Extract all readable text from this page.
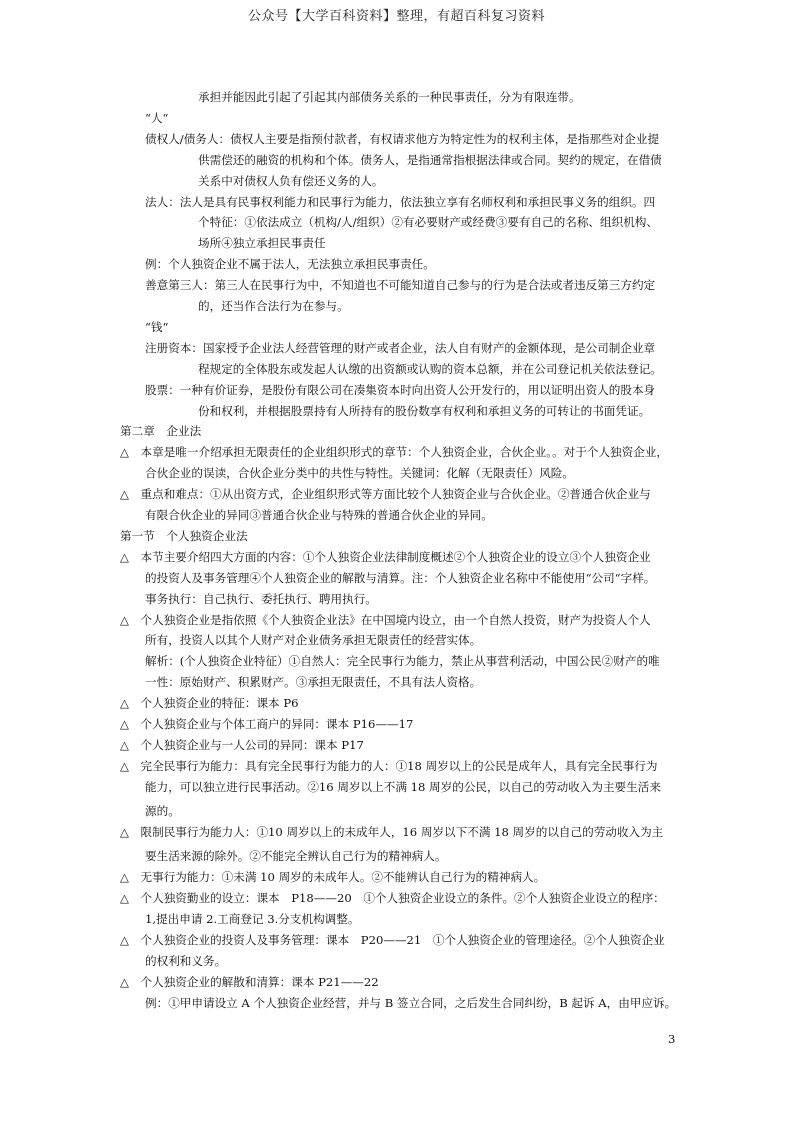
公众号【大学百科资料】整理，有超百科复习资料
承担并能因此引起了引起其内部债务关系的一种民事责任，分为有限连带。
“人“
债权人/债务人：债权人主要是指预付款者，有权请求他方为特定性为的权利主体，是指那些对企业提
供需偿还的融资的机构和个体。债务人，是指通常指根据法律或合同。契约的规定，在借债
关系中对债权人负有偿还义务的人。
法人：法人是具有民事权利能力和民事行为能力，依法独立享有名师权利和承担民事义务的组织。四
个特征：①依法成立（机构/人/组织）②有必要财产或经费③要有自己的名称、组织机构、
场所④独立承担民事责任
例：个人独资企业不属于法人，无法独立承担民事责任。
善意第三人：第三人在民事行为中，不知道也不可能知道自己参与的行为是合法或者违反第三方约定
的，还当作合法行为在参与。
“钱“
注册资本：国家授予企业法人经营管理的财产或者企业，法人自有财产的金额体现，是公司制企业章
程规定的全体股东或发起人认缴的出资额或认购的资本总额，并在公司登记机关依法登记。
股票：一种有价证券，是股份有限公司在凑集资本时向出资人公开发行的，用以证明出资人的股本身
份和权利，并根据股票持有人所持有的股份数享有权利和承担义务的可转让的书面凭证。
第二章　企业法
△　本章是唯一介绍承担无限责任的企业组织形式的章节：个人独资企业，合伙企业。。对于个人独资企业，
合伙企业的误读，合伙企业分类中的共性与特性。关键词：化解（无限责任）风险。
△　重点和难点：①从出资方式，企业组织形式等方面比较个人独资企业与合伙企业。②普通合伙企业与
有限合伙企业的异同③普通合伙企业与特殊的普通合伙企业的异同。
第一节　个人独资企业法
△　本节主要介绍四大方面的内容：①个人独资企业法律制度概述②个人独资企业的设立③个人独资企业
的投资人及事务管理④个人独资企业的解散与清算。注：个人独资企业名称中不能使用“公司“字样。
事务执行：自己执行、委托执行、聘用执行。
△　个人独资企业是指依照《个人独资企业法》在中国境内设立，由一个自然人投资，财产为投资人个人
所有，投资人以其个人财产对企业债务承担无限责任的经营实体。
解析：(个人独资企业特征）①自然人：完全民事行为能力，禁止从事营利活动，中国公民②财产的唯
一性：原始财产、积累财产。③承担无限责任，不具有法人资格。
△　个人独资企业的特征：课本 P6
△　个人独资企业与个体工商户的异同：课本 P16——17
△　个人独资企业与一人公司的异同：课本 P17
△　完全民事行为能力：具有完全民事行为能力的人：①18 周岁以上的公民是成年人，具有完全民事行为
能力，可以独立进行民事活动。②16 周岁以上不满 18 周岁的公民，以自己的劳动收入为主要生活来
源的。
△　限制民事行为能力人：①10 周岁以上的未成年人，16 周岁以下不满 18 周岁的以自己的劳动收入为主
要生活来源的除外。②不能完全辨认自己行为的精神病人。
△　无事行为能力：①未满 10 周岁的未成年人。②不能辨认自己行为的精神病人。
△　个人独资勤业的设立：课本　P18——20　①个人独资企业设立的条件。②个人独资企业设立的程序：
1,提出申请 2.工商登记 3.分支机构调整。
△　个人独资企业的投资人及事务管理：课本　P20——21　①个人独资企业的管理途径。②个人独资企业
的权利和义务。
△　个人独资企业的解散和清算：课本 P21——22
例：①甲申请设立 A 个人独资企业经营，并与 B 签立合同，之后发生合同纠纷，B 起诉 A，由甲应诉。
3
